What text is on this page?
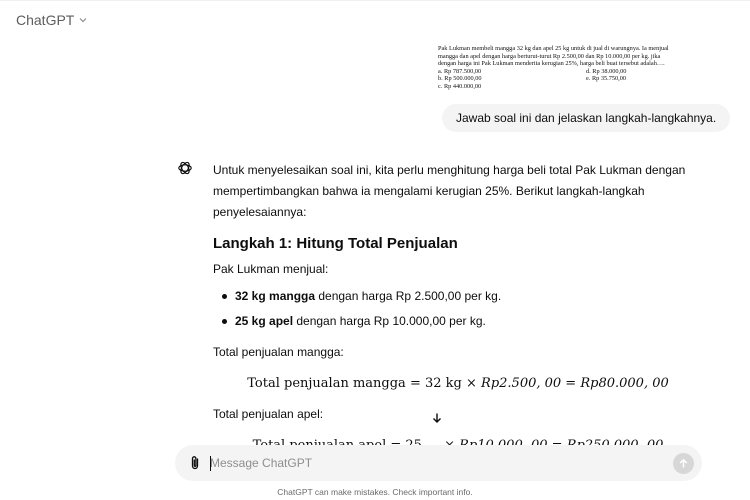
ChatGPT

Pak Lukman membeli mangga 32 kg dan apel 25 kg untuk di jual di warungnya. Ia menjual

mangga dan apel dengan harga berturut-turut Rp 2.500,00 dan Rp 10.000,00 per kg. jika

dengan harga ini Pak Lukman menderita kerugian 25%, harga beli buat tersebut adalah….

a. Rp 787.500,00	d. Rp 38.000,00
b. Rp 500.000,00	e. Rp 35.750,00
c. Rp 440.000,00
Jawab soal ini dan jelaskan langkah-langkahnya.

Untuk menyelesaikan soal ini, kita perlu menghitung harga beli total Pak Lukman dengan mempertimbangkan bahwa ia mengalami kerugian 25%. Berikut langkah-langkah penyelesaiannya:

Langkah 1: Hitung Total Penjualan

Pak Lukman menjual:

32 kg mangga dengan harga Rp 2.500,00 per kg.
25 kg apel dengan harga Rp 10.000,00 per kg.

Total penjualan mangga:

Total penjualan mangga = 32 kg × Rp2.500, 00 = Rp80.000, 00

Total penjualan apel:

Message ChatGPT
ChatGPT can make mistakes. Check important info.
